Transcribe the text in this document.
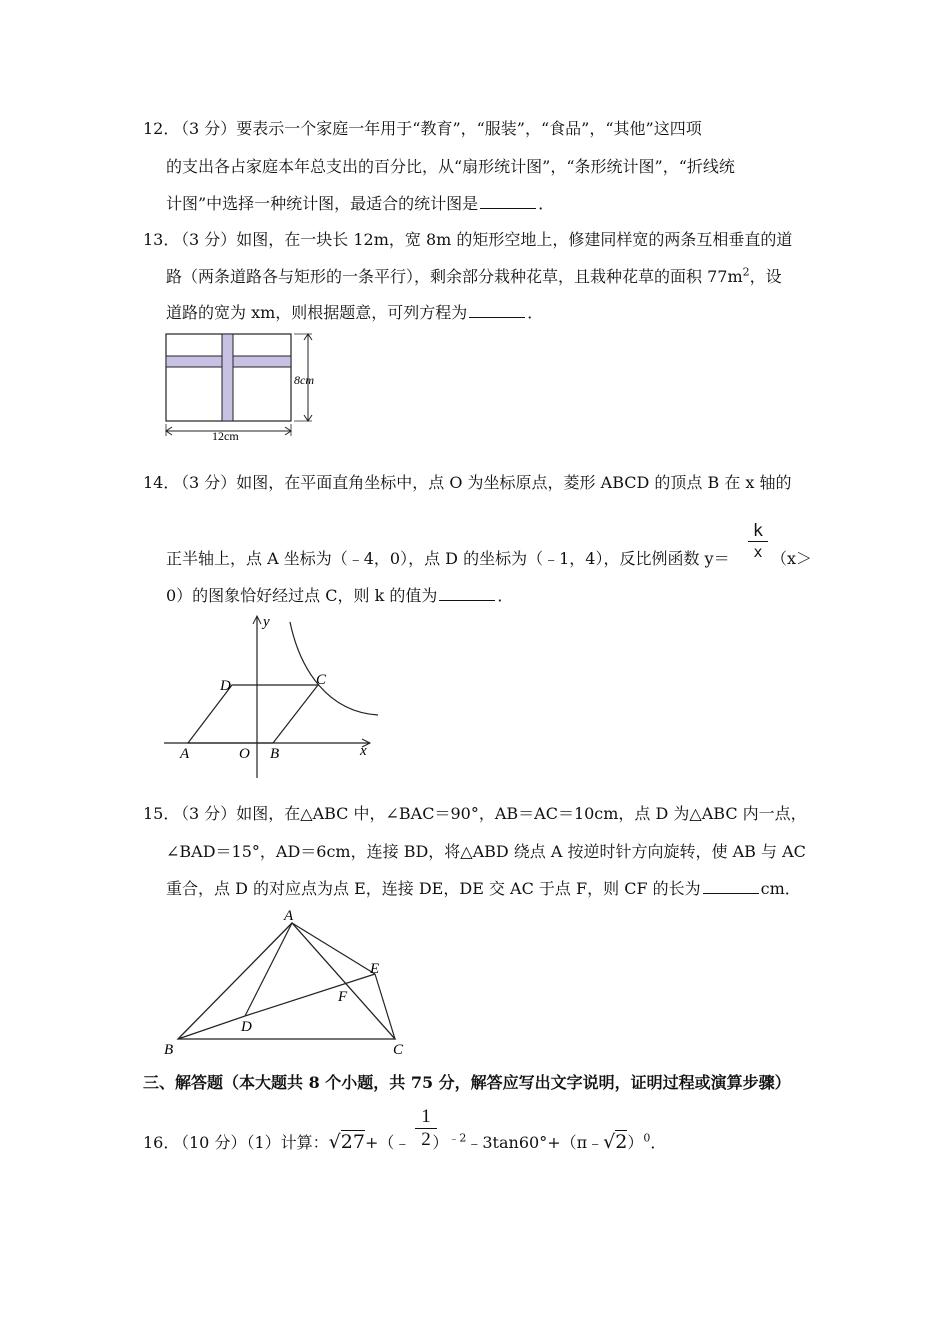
12．（3 分）要表示一个家庭一年用于“教育”，“服装”，“食品”，“其他”这四项
的支出各占家庭本年总支出的百分比，从“扇形统计图”，“条形统计图”，“折线统
计图”中选择一种统计图，最适合的统计图是	．
13．（3 分）如图，在一块长 12m，宽 8m 的矩形空地上，修建同样宽的两条互相垂直的道
路（两条道路各与矩形的一条平行），剩余部分栽种花草，且栽种花草的面积 $77m^2$，设
道路的宽为 xm，则根据题意，可列方程为	．
8cm
12cm
14．（3 分）如图，在平面直角坐标中，点 O 为坐标原点，菱形 ABCD 的顶点 B 在 x 轴的
$\frac{k}{x}$
正半轴上，点 A 坐标为（﹣4，0），点 D 的坐标为（﹣1，4），反比例函数 y＝	（x＞
0）的图象恰好经过点 C，则 k 的值为	．
y
x
A	O B
C
D
15．（3 分）如图，在△ABC 中，∠BAC＝90°，AB＝AC＝10cm，点 D 为△ABC 内一点，
∠BAD＝15°，AD＝6cm，连接 BD，将△ABD 绕点 A 按逆时针方向旋转，使 AB 与 AC
重合，点 D 的对应点为点 E，连接 DE，DE 交 AC 于点 F，则 CF 的长为	cm．
A
B	C
D
E
F
三、解答题（本大题共 8 个小题，共 75 分，解答应写出文字说明，证明过程或演算步骤）
$\frac{1}{2}$
16．（10 分）（1）计算：√27+（﹣ ）$^{﹣2}$﹣3tan60°+（π﹣√2）$^0$．
